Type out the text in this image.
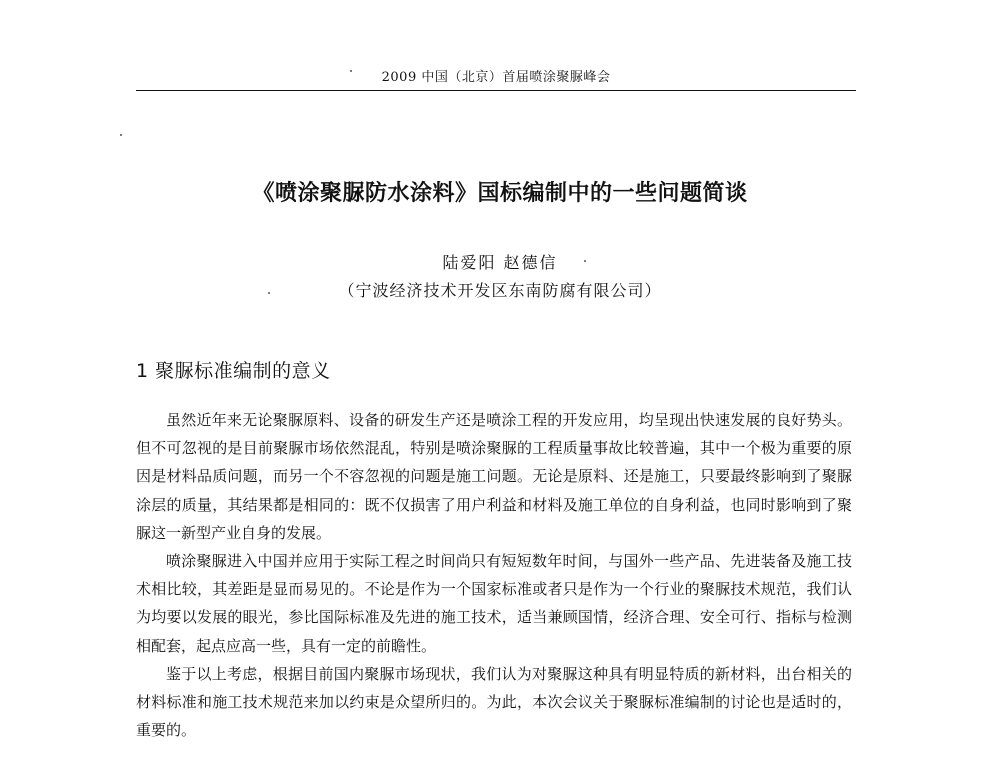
2009 中国（北京）首届喷涂聚脲峰会
《喷涂聚脲防水涂料》国标编制中的一些问题简谈
陆爱阳 赵德信
（宁波经济技术开发区东南防腐有限公司）
1 聚脲标准编制的意义

虽然近年来无论聚脲原料、设备的研发生产还是喷涂工程的开发应用，均呈现出快速发展的良好势头。但不可忽视的是目前聚脲市场依然混乱，特别是喷涂聚脲的工程质量事故比较普遍，其中一个极为重要的原因是材料品质问题，而另一个不容忽视的问题是施工问题。无论是原料、还是施工，只要最终影响到了聚脲涂层的质量，其结果都是相同的：既不仅损害了用户利益和材料及施工单位的自身利益，也同时影响到了聚脲这一新型产业自身的发展。

喷涂聚脲进入中国并应用于实际工程之时间尚只有短短数年时间，与国外一些产品、先进装备及施工技术相比较，其差距是显而易见的。不论是作为一个国家标准或者只是作为一个行业的聚脲技术规范，我们认为均要以发展的眼光，参比国际标准及先进的施工技术，适当兼顾国情，经济合理、安全可行、指标与检测相配套，起点应高一些，具有一定的前瞻性。

鉴于以上考虑，根据目前国内聚脲市场现状，我们认为对聚脲这种具有明显特质的新材料，出台相关的材料标准和施工技术规范来加以约束是众望所归的。为此，本次会议关于聚脲标准编制的讨论也是适时的，重要的。
